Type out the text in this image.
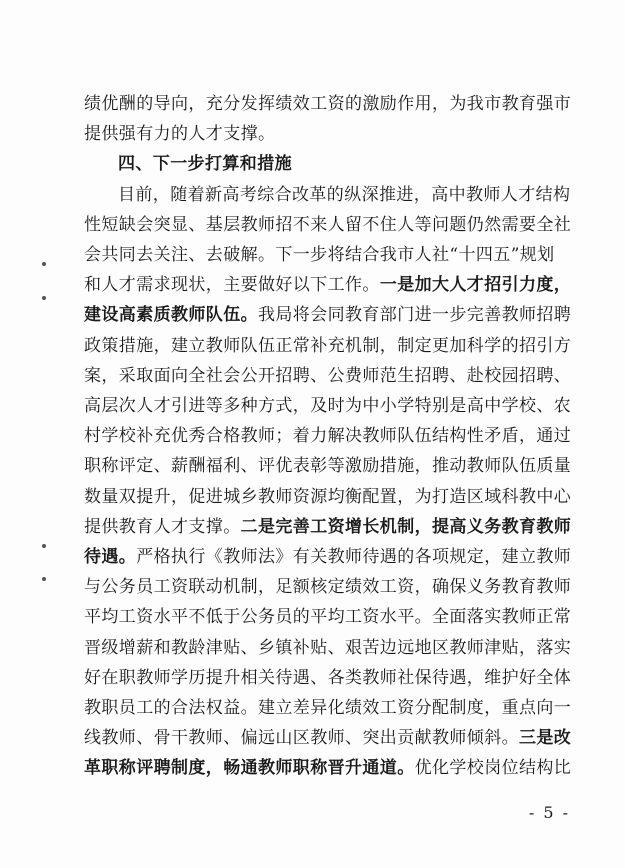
绩优酬的导向，充分发挥绩效工资的激励作用，为我市教育强市
提供强有力的人才支撑。
四、下一步打算和措施
目前，随着新高考综合改革的纵深推进，高中教师人才结构
性短缺会突显、基层教师招不来人留不住人等问题仍然需要全社
会共同去关注、去破解。下一步将结合我市人社“十四五”规划
和人才需求现状，主要做好以下工作。一是加大人才招引力度，
建设高素质教师队伍。我局将会同教育部门进一步完善教师招聘
政策措施，建立教师队伍正常补充机制，制定更加科学的招引方
案，采取面向全社会公开招聘、公费师范生招聘、赴校园招聘、
高层次人才引进等多种方式，及时为中小学特别是高中学校、农
村学校补充优秀合格教师；着力解决教师队伍结构性矛盾，通过
职称评定、薪酬福利、评优表彰等激励措施，推动教师队伍质量
数量双提升，促进城乡教师资源均衡配置，为打造区域科教中心
提供教育人才支撑。二是完善工资增长机制，提高义务教育教师
待遇。严格执行《教师法》有关教师待遇的各项规定，建立教师
与公务员工资联动机制，足额核定绩效工资，确保义务教育教师
平均工资水平不低于公务员的平均工资水平。全面落实教师正常
晋级增薪和教龄津贴、乡镇补贴、艰苦边远地区教师津贴，落实
好在职教师学历提升相关待遇、各类教师社保待遇，维护好全体
教职员工的合法权益。建立差异化绩效工资分配制度，重点向一
线教师、骨干教师、偏远山区教师、突出贡献教师倾斜。三是改
革职称评聘制度，畅通教师职称晋升通道。优化学校岗位结构比
- 5 -
